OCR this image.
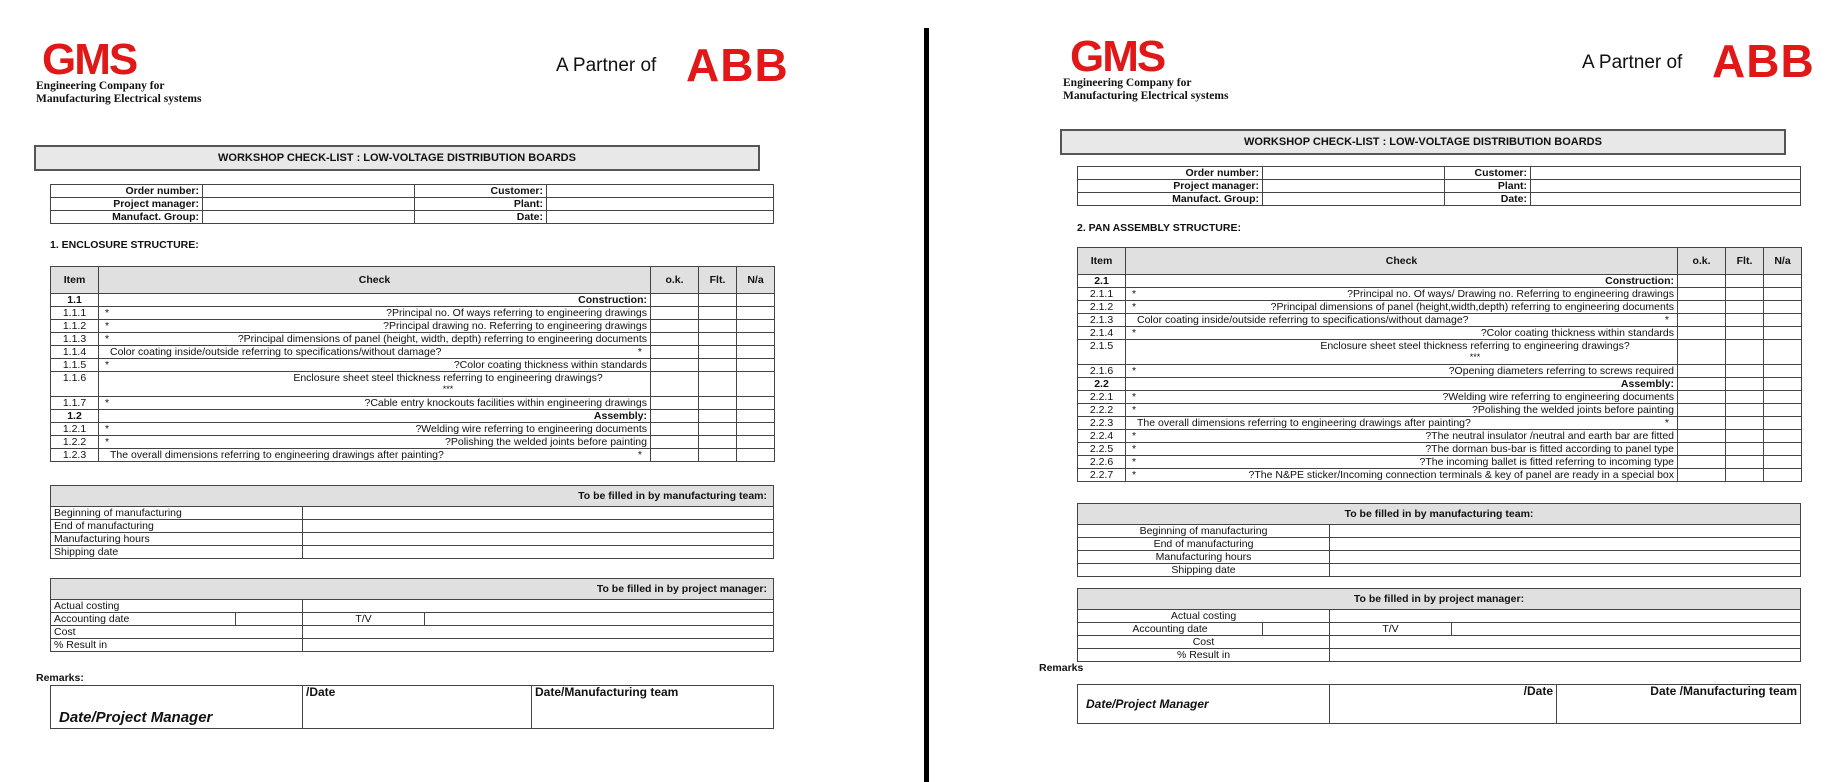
GMS
Engineering Company for
Manufacturing Electrical systems
A Partner of ABB
WORKSHOP CHECK-LIST : LOW-VOLTAGE DISTRIBUTION BOARDS
Order number:		Customer:	
Project manager:		Plant:	
Manufact. Group:		Date:	
1. ENCLOSURE STRUCTURE:
Item	Check	o.k.	Flt.	N/a
1.1	Construction:			
1.1.1	* ?Principal no. Of ways referring to engineering drawings			
1.1.2	* ?Principal drawing no. Referring to engineering drawings			
1.1.3	* ?Principal dimensions of panel (height, width, depth) referring to engineering documents			
1.1.4	Color coating inside/outside referring to specifications/without damage? *			

1.1.5	* ?Color coating thickness within standards			
1.1.6	Enclosure sheet steel thickness referring to engineering drawings?
***			

1.1.7	* ?Cable entry knockouts facilities within engineering drawings			
1.2	Assembly:			
1.2.1	* ?Welding wire referring to engineering documents			
1.2.2	* ?Polishing the welded joints before painting			
1.2.3	The overall dimensions referring to engineering drawings after painting? *			

To be filled in by manufacturing team:	
Beginning of manufacturing	
End of manufacturing	
Manufacturing hours	
Shipping date	
To be filled in by project manager:			
Actual costing			
Accounting date		T/V	
Cost			
% Result in			
Remarks:
Date/Project Manager	/Date	Date/Manufacturing team
GMS
Engineering Company for
Manufacturing Electrical systems
A Partner of ABB
WORKSHOP CHECK-LIST : LOW-VOLTAGE DISTRIBUTION BOARDS
Order number:		Customer:	
Project manager:		Plant:	
Manufact. Group:		Date:	
2. PAN ASSEMBLY STRUCTURE:
Item	Check	o.k.	Flt.	N/a
2.1	Construction:			
2.1.1	* ?Principal no. Of ways/ Drawing no. Referring to engineering drawings			
2.1.2	* ?Principal dimensions of panel (height,width,depth) referring to engineering documents			
2.1.3	Color coating inside/outside referring to specifications/without damage? *			

2.1.4	* ?Color coating thickness within standards			
2.1.5	Enclosure sheet steel thickness referring to engineering drawings?
***			

2.1.6	* ?Opening diameters referring to screws required			
2.2	Assembly:			
2.2.1	* ?Welding wire referring to engineering documents			
2.2.2	* ?Polishing the welded joints before painting			
2.2.3	The overall dimensions referring to engineering drawings after painting? *			

2.2.4	* ?The neutral insulator /neutral and earth bar are fitted			
2.2.5	* ?The dorman bus-bar is fitted according to panel type			
2.2.6	* ?The incoming ballet is fitted referring to incoming type			
2.2.7	* ?The N&PE sticker/Incoming connection terminals & key of panel are ready in a special box			
To be filled in by manufacturing team:	
Beginning of manufacturing	
End of manufacturing	
Manufacturing hours	
Shipping date	
To be filled in by project manager:			
Actual costing			
Accounting date		T/V	
Cost			
% Result in			
Remarks
Date/Project Manager	/Date	Date /Manufacturing team
